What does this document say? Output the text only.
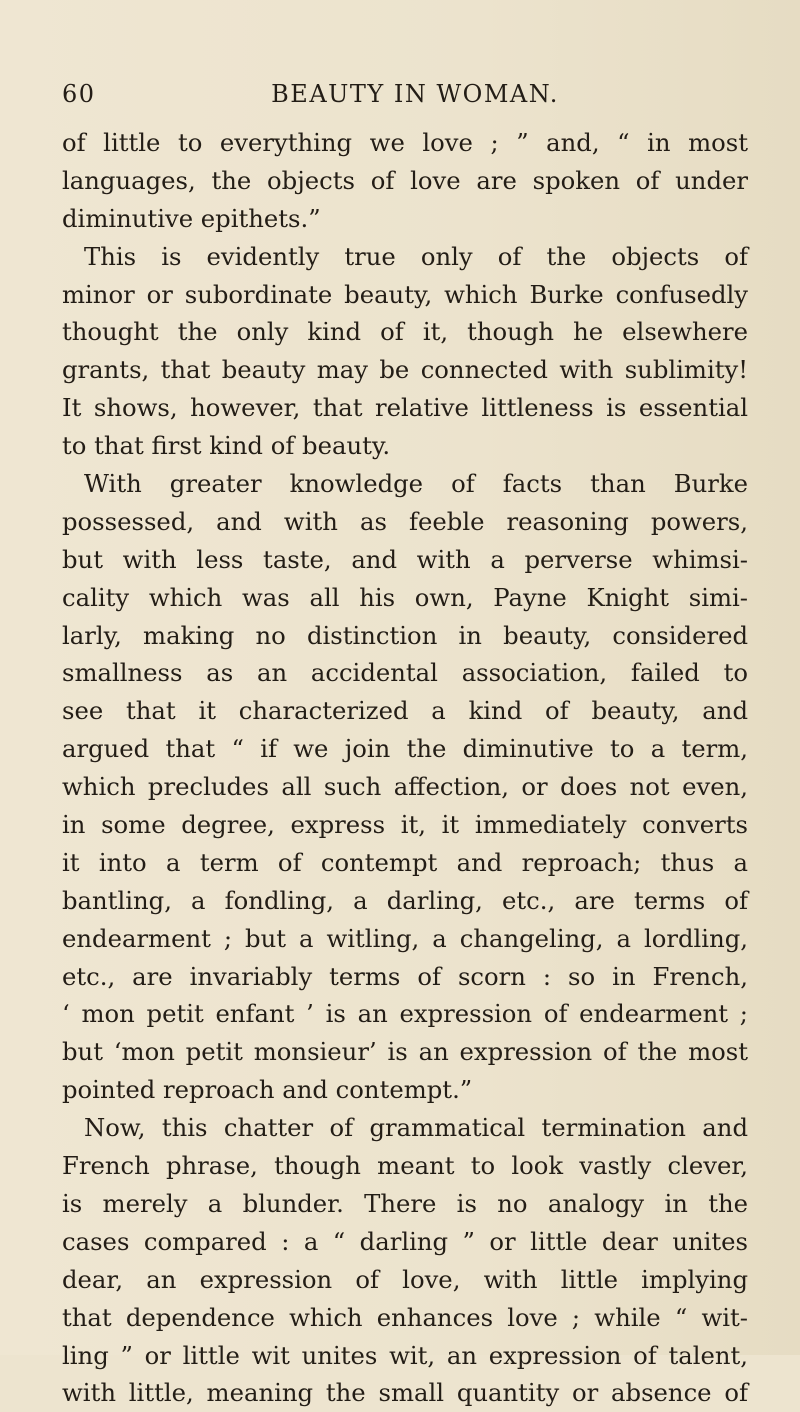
60	BEAUTY IN WOMAN.
of little to everything we love ; ” and, “ in most
languages, the objects of love are spoken of under
diminutive epithets.”
This is evidently true only of the objects of
minor or subordinate beauty, which Burke confusedly
thought the only kind of it, though he elsewhere
grants, that beauty may be connected with sublimity!
It shows, however, that relative littleness is essential
to that first kind of beauty.
With greater knowledge of facts than Burke
possessed, and with as feeble reasoning powers,
but with less taste, and with a perverse whimsi-
cality which was all his own, Payne Knight simi-
larly, making no distinction in beauty, considered
smallness as an accidental association, failed to
see that it characterized a kind of beauty, and
argued that “ if we join the diminutive to a term,
which precludes all such affection, or does not even,
in some degree, express it, it immediately converts
it into a term of contempt and reproach; thus a
bantling, a fondling, a darling, etc., are terms of
endearment ; but a witling, a changeling, a lordling,
etc., are invariably terms of scorn : so in French,
‘ mon petit enfant ’ is an expression of endearment ;
but ‘mon petit monsieur’ is an expression of the most
pointed reproach and contempt.”
Now, this chatter of grammatical termination and
French phrase, though meant to look vastly clever,
is merely a blunder. There is no analogy in the
cases compared : a “ darling ” or little dear unites
dear, an expression of love, with little implying
that dependence which enhances love ; while “ wit-
ling ” or little wit unites wit, an expression of talent,
with little, meaning the small quantity or absence of
